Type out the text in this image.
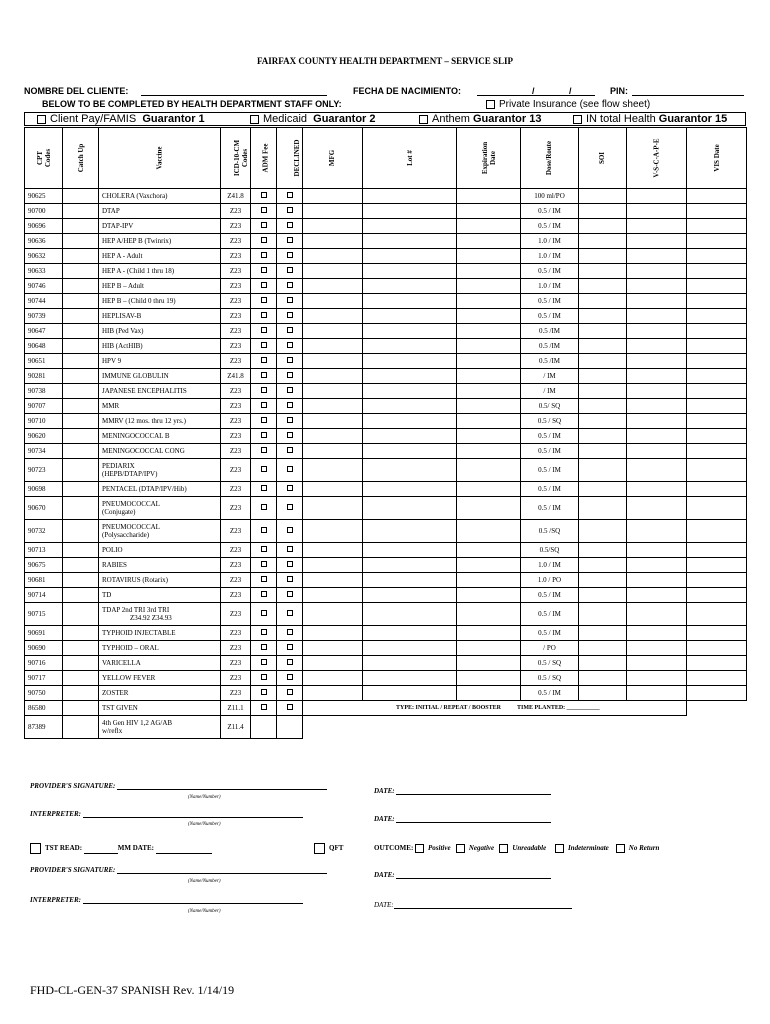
FAIRFAX COUNTY HEALTH DEPARTMENT – SERVICE SLIP
NOMBRE DEL CLIENTE:	FECHA DE NACIMIENTO:	/ / PIN:
BELOW TO BE COMPLETED BY HEALTH DEPARTMENT STAFF ONLY:	Private Insurance (see flow sheet)
Client Pay/FAMIS Guarantor 1	Medicaid Guarantor 2	Anthem Guarantor 13	IN total Health Guarantor 15
CPT Codes	Catch Up	Vaccine	ICD-10-CM Codes	ADM Fee	DECLINED	MFG	Lot #	Expiration Date	Dose/Route	SOI	V-S-C-A-P-E	VIS Date
90625		CHOLERA (Vaxchora)	Z41.8						100 ml/PO			
90700		DTAP	Z23						0.5 / IM			
90696		DTAP-IPV	Z23						0.5 / IM			
90636		HEP A/HEP B (Twinrix)	Z23						1.0 / IM			
90632		HEP A - Adult	Z23						1.0 / IM			
90633		HEP A - (Child 1 thru 18)	Z23						0.5 / IM			
90746		HEP B – Adult	Z23						1.0 / IM			
90744		HEP B – (Child 0 thru 19)	Z23						0.5 / IM			
90739		HEPLISAV-B	Z23						0.5 / IM			
90647		HIB (Ped Vax)	Z23						0.5 /IM			
90648		HIB (ActHIB)	Z23						0.5 /IM			
90651		HPV 9	Z23						0.5 /IM			
90281		IMMUNE GLOBULIN	Z41.8						/ IM			
90738		JAPANESE ENCEPHALITIS	Z23						/ IM			
90707		MMR	Z23						0.5/ SQ			
90710		MMRV (12 mos. thru 12 yrs.)	Z23						0.5 / SQ			
90620		MENINGOCOCCAL B	Z23						0.5 / IM			
90734		MENINGOCOCCAL CONG	Z23						0.5 / IM			
90723		PEDIARIX
(HEPB/DTAP/IPV)	Z23						0.5 / IM			
90698		PENTACEL (DTAP/IPV/Hib)	Z23						0.5 / IM			
90670		PNEUMOCOCCAL
(Conjugate)	Z23						0.5 / IM			
90732		PNEUMOCOCCAL
(Polysaccharide)	Z23						0.5 /SQ			
90713		POLIO	Z23						0.5/SQ			
90675		RABIES	Z23						1.0 / IM			
90681		ROTAVIRUS (Rotarix)	Z23						1.0 / PO			
90714		TD	Z23						0.5 / IM			
90715		TDAP 2nd TRI 3rd TRI
Z34.92 Z34.93	Z23						0.5 / IM			
90691		TYPHOID INJECTABLE	Z23						0.5 / IM			
90690		TYPHOID – ORAL	Z23						/ PO			
90716		VARICELLA	Z23						0.5 / SQ			
90717		YELLOW FEVER	Z23						0.5 / SQ			
90750		ZOSTER	Z23						0.5 / IM			
86580		TST GIVEN	Z11.1			TYPE: INITIAL / REPEAT / BOOSTER TIME PLANTED: ___________						
87389		4th Gen HIV 1,2 AG/AB
w/reflx	Z11.4									
PROVIDER'S SIGNATURE:
(Name/Number)
DATE:
INTERPRETER:
(Name/Number)
DATE:
TST READ:	MM DATE:	QFT	OUTCOME: Positive	Negative	Unreadable	Indeterminate	No Return
PROVIDER'S SIGNATURE:
(Name/Number)
DATE:
INTERPRETER:
(Name/Number)
DATE:
FHD-CL-GEN-37 SPANISH Rev. 1/14/19
